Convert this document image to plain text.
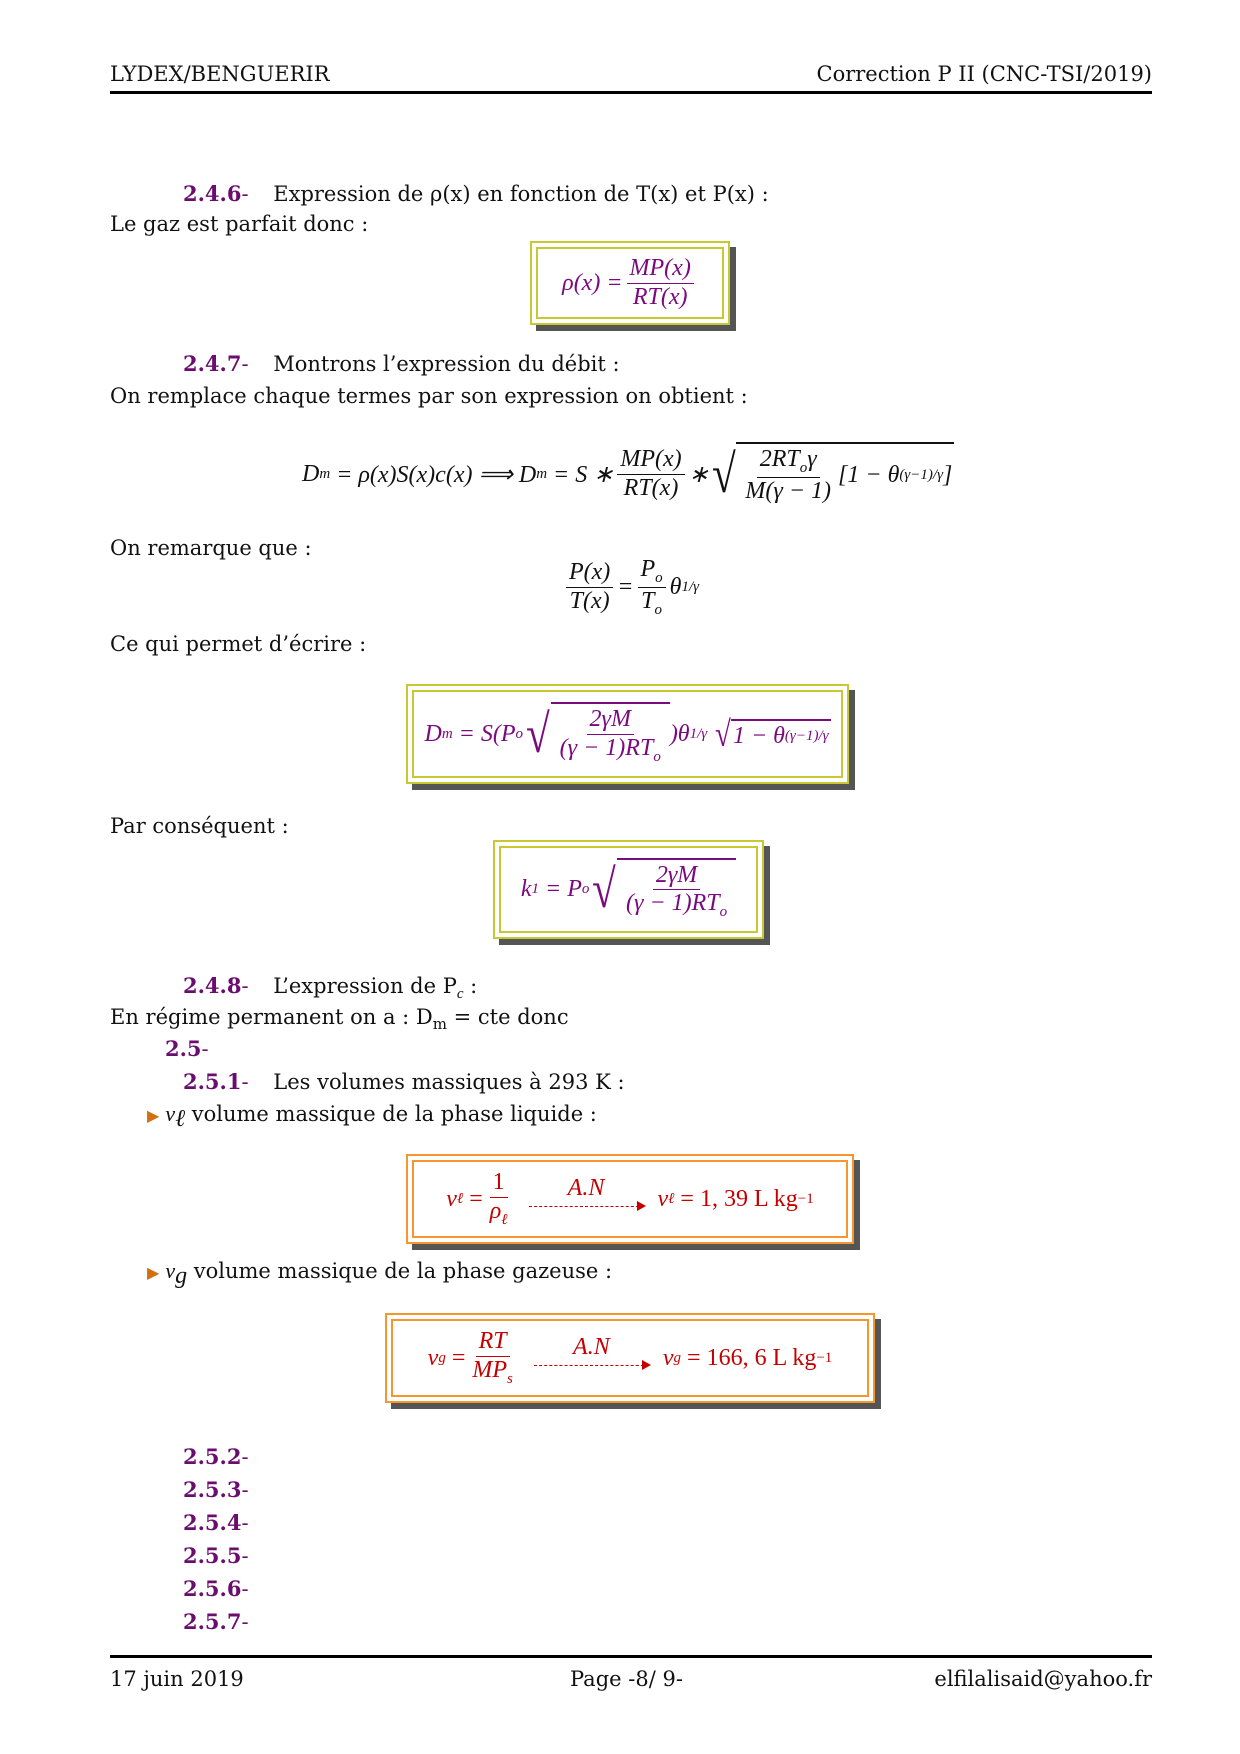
LYDEX/BENGUERIR	Correction P II (CNC-TSI/2019)
2.4.6- Expression de ρ(x) en fonction de T(x) et P(x) :
Le gaz est parfait donc :
$\rho(x) = \frac{MP(x)}{RT(x)}$
2.4.7- Montrons l’expression du débit :
On remplace chaque termes par son expression on obtient :
D m
= ρ(x)S(x)c(x) ⟹ D m
= S ∗ $\frac{MP(x)}{RT(x)}$ ∗ √ $\frac{2RT_o\gamma}{M(\gamma - 1)} [1 - \theta$ (γ−1)/γ ]
On remarque que :
$\frac{P(x)}{T(x)} = \frac{P_o}{T_o}$ θ 1/γ
Ce qui permet d’écrire :
D m
= S(P o √ $\frac{2\gamma M}{(\gamma - 1)RT_o} )\theta$ 1/γ
√ 1 − θ (γ−1)/γ
Par conséquent :
k 1
= P o √ $\frac{2\gamma M}{(\gamma - 1)RT_o}$
2.4.8- L’expression de $P_c$ :
En régime permanent on a : $D_m$ = cte donc
2.5-
2.5.1- Les volumes massiques à 293 K :
▶ $v_\ell$ volume massique de la phase liquide :
v ℓ
= $\frac{1}{\rho_\ell} A.N$ v ℓ
= 1, 39 L kg −1
▶ $v_g$ volume massique de la phase gazeuse :
v g
= $\frac{RT}{MP_s} A.N$ v g
= 166, 6 L kg −1
2.5.2-
2.5.3-
2.5.4-
2.5.5-
2.5.6-
2.5.7-
17 juin 2019	Page -8/ 9-	elfilalisaid@yahoo.fr
